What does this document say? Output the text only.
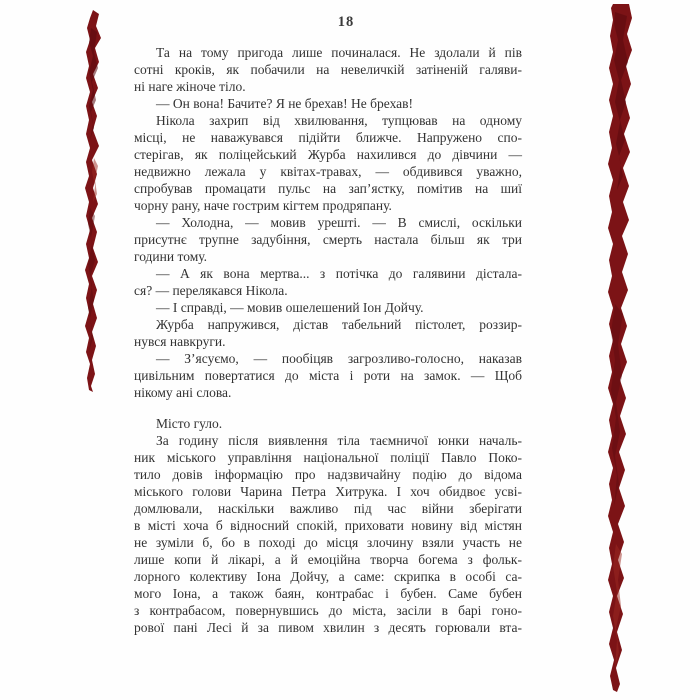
18
Та на тому пригода лише починалася. Не здолали й пів
сотні кроків, як побачили на невеличкій затіненій галяви-
ні наге жіноче тіло.
— Он вона! Бачите? Я не брехав! Не брехав!
Нікола захрип від хвилювання, тупцював на одному
місці, не наважувався підійти ближче. Напружено спо-
стерігав, як поліцейський Журба нахилився до дівчини —
недвижно лежала у квітах-травах, — обдивився уважно,
спробував промацати пульс на зап’ястку, помітив на шиї
чорну рану, наче гострим кігтем продряпану.
— Холодна, — мовив урешті. — В смислі, оскільки
присутнє трупне задубіння, смерть настала більш як три
години тому.
— А як вона мертва... з потічка до галявини дістала-
ся? — перелякався Нікола.
— І справді, — мовив ошелешений Іон Дойчу.
Журба напружився, дістав табельний пістолет, роззир-
нувся навкруги.
— З’ясуємо, — пообіцяв загрозливо-голосно, наказав
цивільним повертатися до міста і роти на замок. — Щоб
нікому ані слова.
Місто гуло.
За годину після виявлення тіла таємничої юнки началь-
ник міського управління національної поліції Павло Поко-
тило довів інформацію про надзвичайну подію до відома
міського голови Чарина Петра Хитрука. І хоч обидвоє усві-
домлювали, наскільки важливо під час війни зберігати
в місті хоча б відносний спокій, приховати новину від містян
не зуміли б, бо в поході до місця злочину взяли участь не
лише копи й лікарі, а й емоційна творча богема з фольк-
лорного колективу Іона Дойчу, а саме: скрипка в особі са-
мого Іона, а також баян, контрабас і бубен. Саме бубен
з контрабасом, повернувшись до міста, засіли в барі гоно-
рової пані Лесі й за пивом хвилин з десять горювали вта-
